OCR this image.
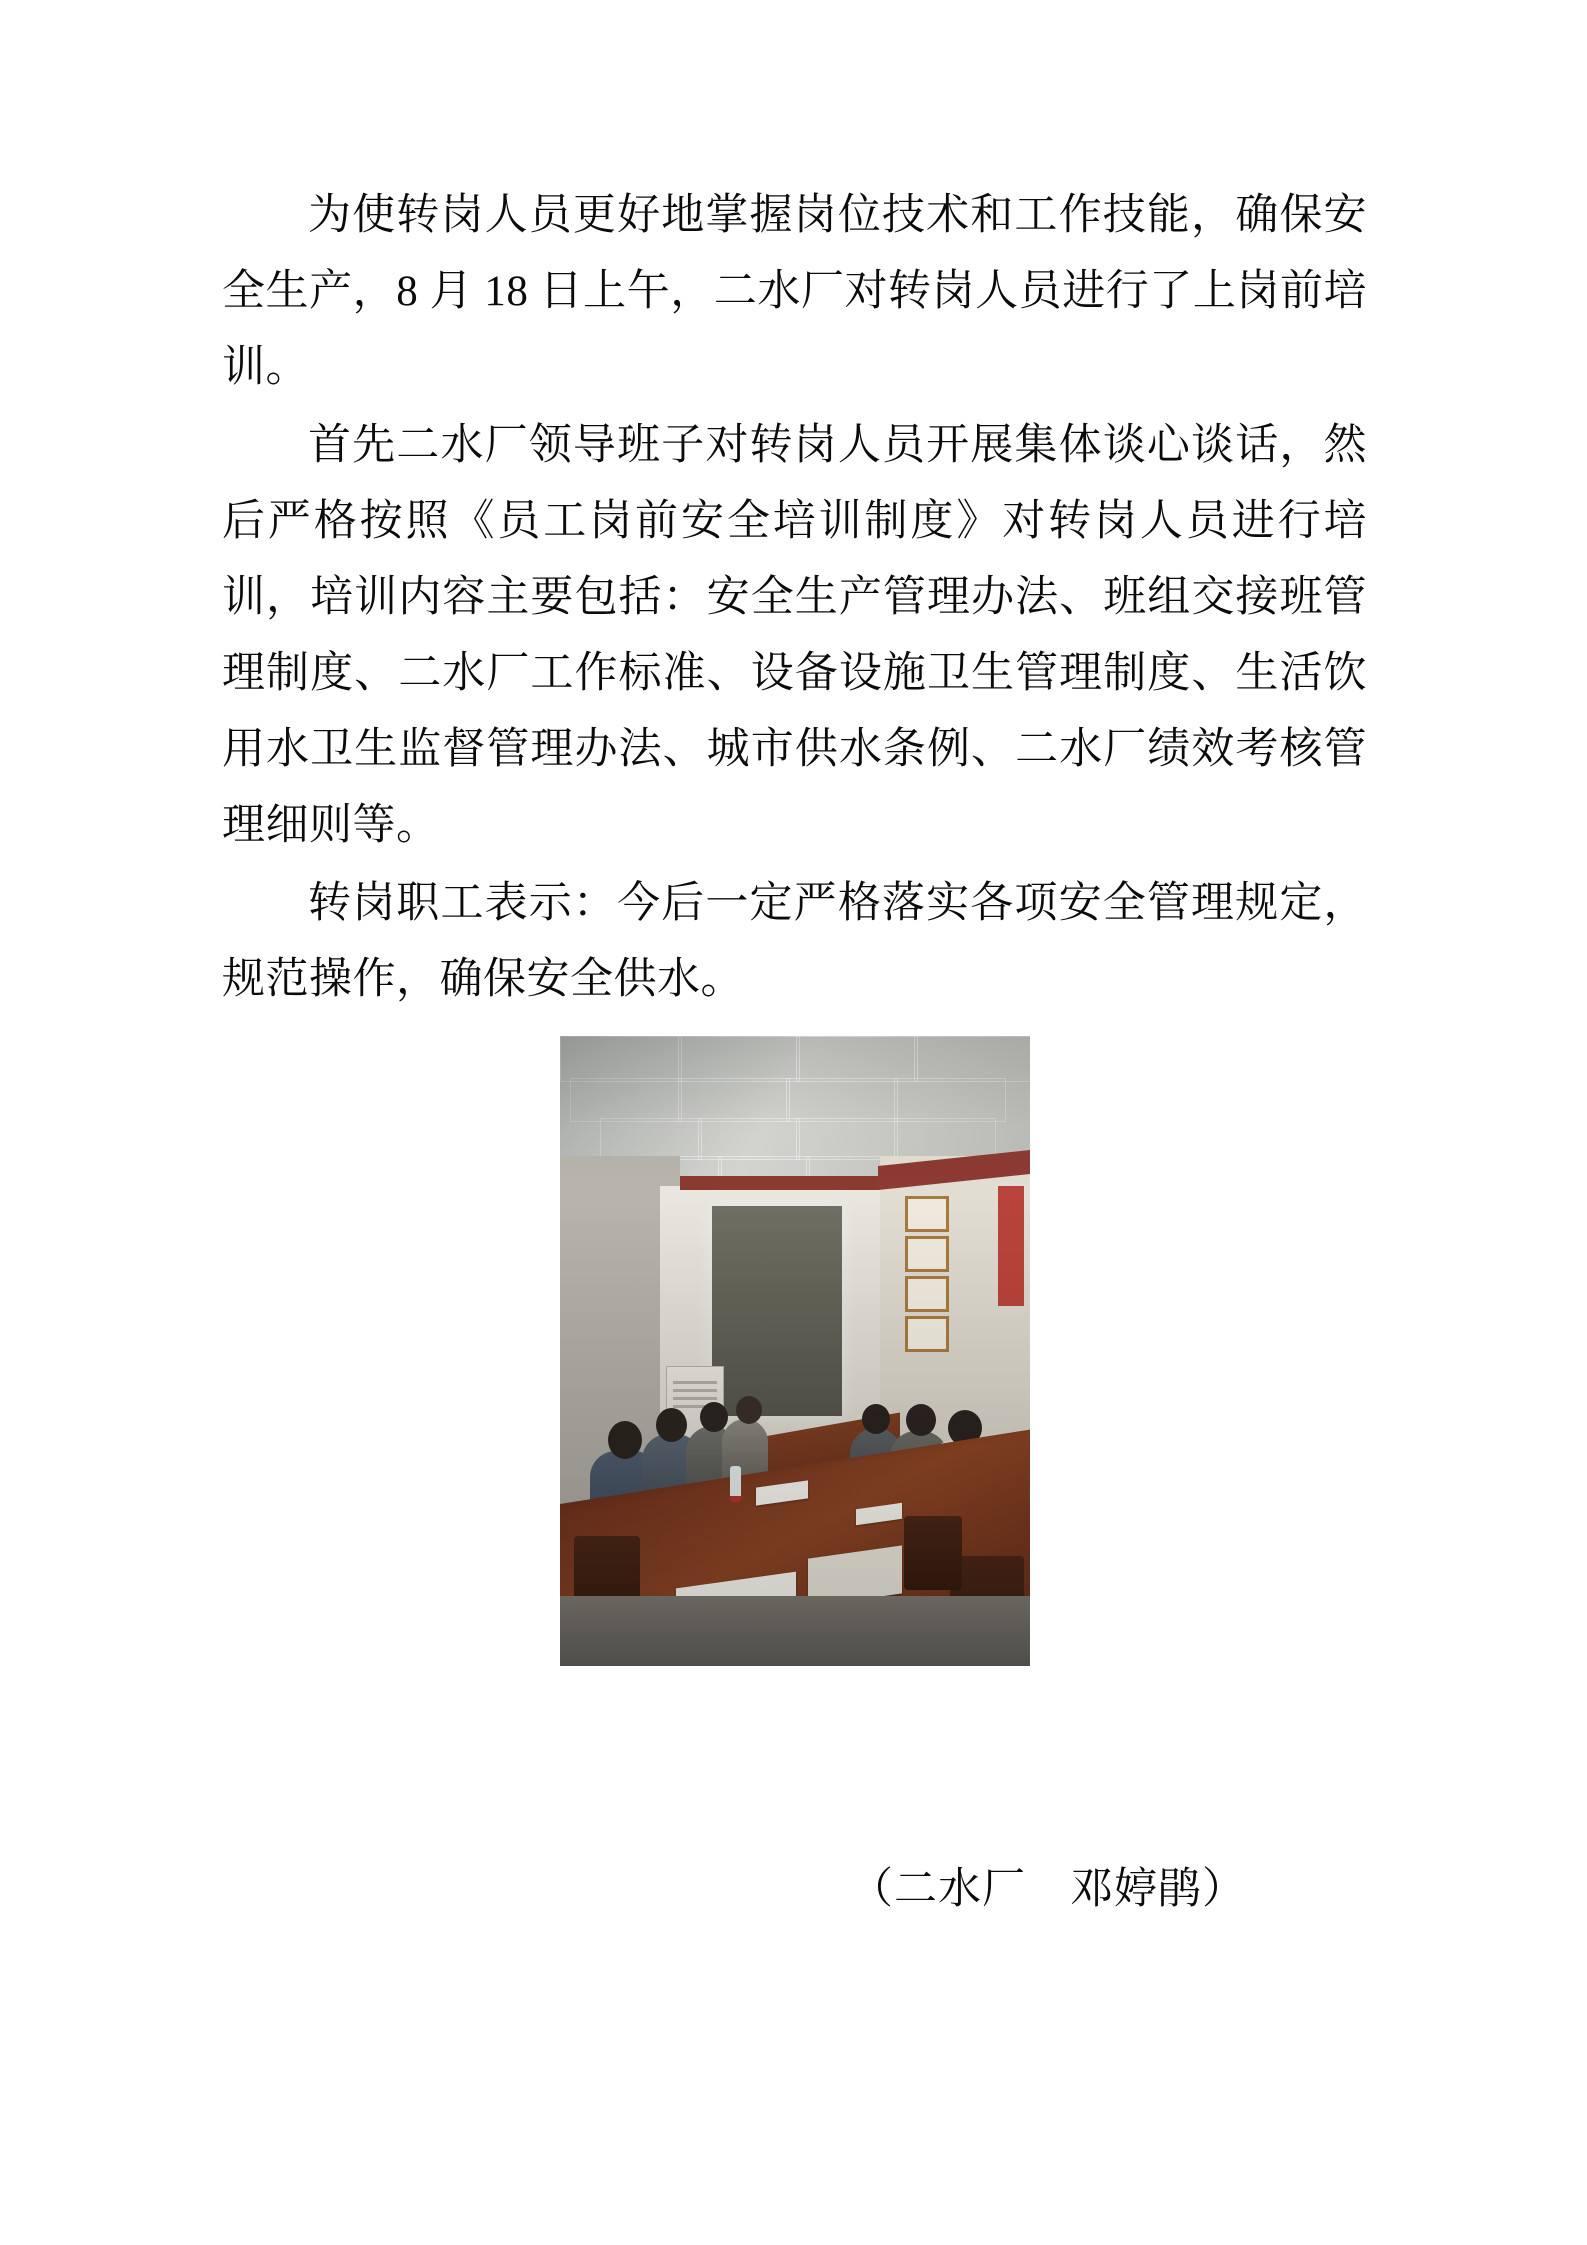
为使转岗人员更好地掌握岗位技术和工作技能，确保安全生产，8 月 18 日上午，二水厂对转岗人员进行了上岗前培训。

首先二水厂领导班子对转岗人员开展集体谈心谈话，然后严格按照《员工岗前安全培训制度》对转岗人员进行培训，培训内容主要包括：安全生产管理办法、班组交接班管理制度、二水厂工作标准、设备设施卫生管理制度、生活饮用水卫生监督管理办法、城市供水条例、二水厂绩效考核管理细则等。

转岗职工表示：今后一定严格落实各项安全管理规定，规范操作，确保安全供水。

（二水厂　邓婷鹃）
